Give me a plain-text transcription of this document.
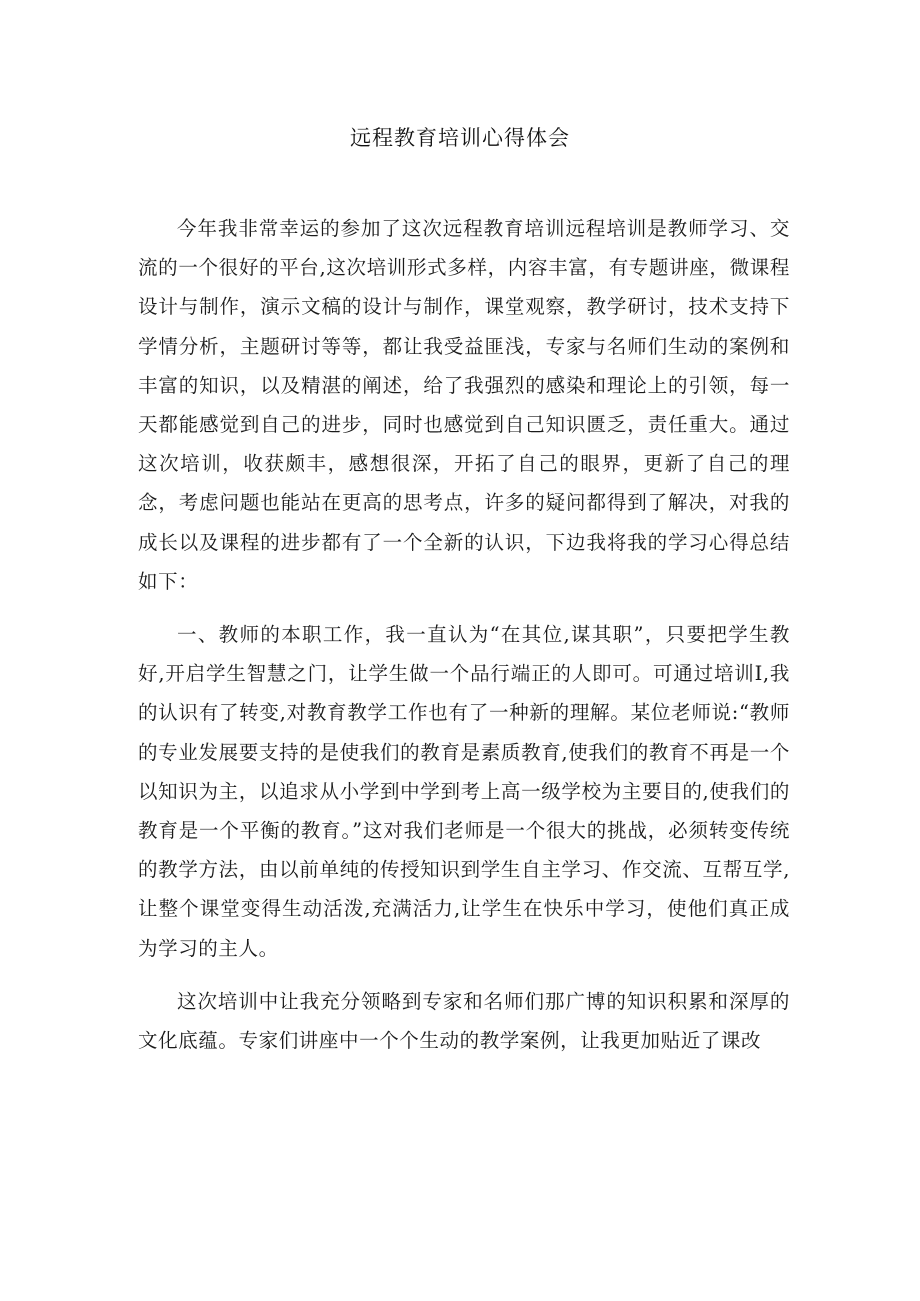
远程教育培训心得体会

今年我非常幸运的参加了这次远程教育培训远程培训是教师学习、交流的一个很好的平台,这次培训形式多样，内容丰富，有专题讲座，微课程设计与制作，演示文稿的设计与制作，课堂观察，教学研讨，技术支持下学情分析，主题研讨等等，都让我受益匪浅，专家与名师们生动的案例和丰富的知识，以及精湛的阐述，给了我强烈的感染和理论上的引领，每一天都能感觉到自己的进步，同时也感觉到自己知识匮乏，责任重大。通过这次培训，收获颇丰，感想很深，开拓了自己的眼界，更新了自己的理念，考虑问题也能站在更高的思考点，许多的疑问都得到了解决，对我的成长以及课程的进步都有了一个全新的认识，下边我将我的学习心得总结如下：

一、教师的本职工作，我一直认为“在其位,谋其职”，只要把学生教好,开启学生智慧之门，让学生做一个品行端正的人即可。可通过培训I,我的认识有了转变,对教育教学工作也有了一种新的理解。某位老师说:“教师的专业发展要支持的是使我们的教育是素质教育,使我们的教育不再是一个以知识为主，以追求从小学到中学到考上高一级学校为主要目的,使我们的教育是一个平衡的教育。”这对我们老师是一个很大的挑战，必须转变传统的教学方法，由以前单纯的传授知识到学生自主学习、作交流、互帮互学,让整个课堂变得生动活泼,充满活力,让学生在快乐中学习，使他们真正成为学习的主人。

这次培训中让我充分领略到专家和名师们那广博的知识积累和深厚的文化底蕴。专家们讲座中一个个生动的教学案例，让我更加贴近了课改
